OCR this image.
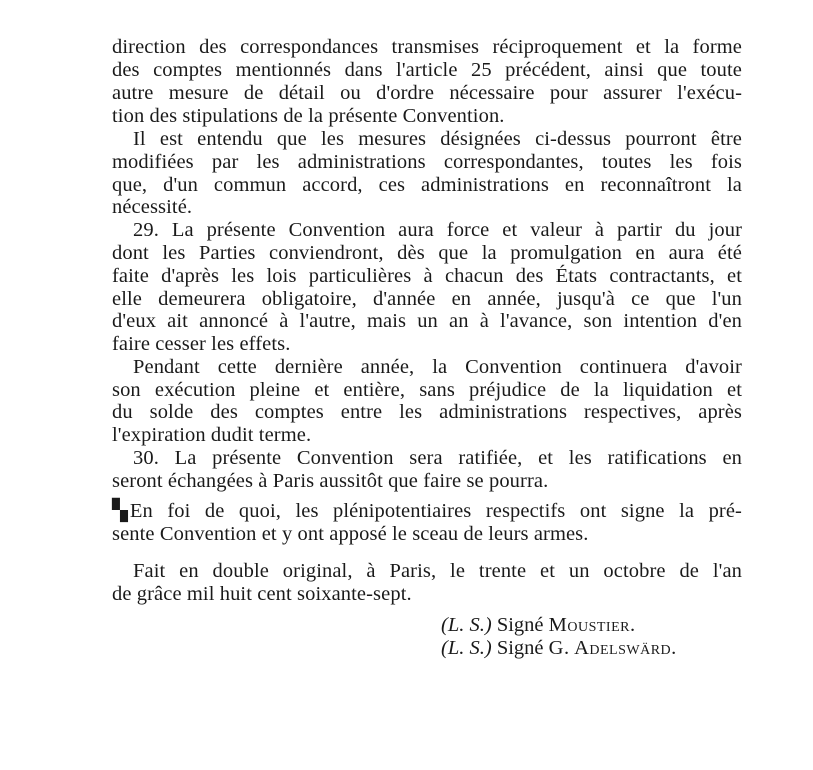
direction des correspondances transmises réciproquement et la forme
des comptes mentionnés dans l'article 25 précédent, ainsi que toute
autre mesure de détail ou d'ordre nécessaire pour assurer l'exécu-
tion des stipulations de la présente Convention.
Il est entendu que les mesures désignées ci-dessus pourront être
modifiées par les administrations correspondantes, toutes les fois
que, d'un commun accord, ces administrations en reconnaîtront la
nécessité.
29. La présente Convention aura force et valeur à partir du jour
dont les Parties conviendront, dès que la promulgation en aura été
faite d'après les lois particulières à chacun des États contractants, et
elle demeurera obligatoire, d'année en année, jusqu'à ce que l'un
d'eux ait annoncé à l'autre, mais un an à l'avance, son intention d'en
faire cesser les effets.
Pendant cette dernière année, la Convention continuera d'avoir
son exécution pleine et entière, sans préjudice de la liquidation et
du solde des comptes entre les administrations respectives, après
l'expiration dudit terme.
30. La présente Convention sera ratifiée, et les ratifications en
seront échangées à Paris aussitôt que faire se pourra.
▚En foi de quoi, les plénipotentiaires respectifs ont signe la pré-
sente Convention et y ont apposé le sceau de leurs armes.
Fait en double original, à Paris, le trente et un octobre de l'an
de grâce mil huit cent soixante-sept.
(L. S.) Signé Moustier.
(L. S.) Signé G. Adelswärd.
